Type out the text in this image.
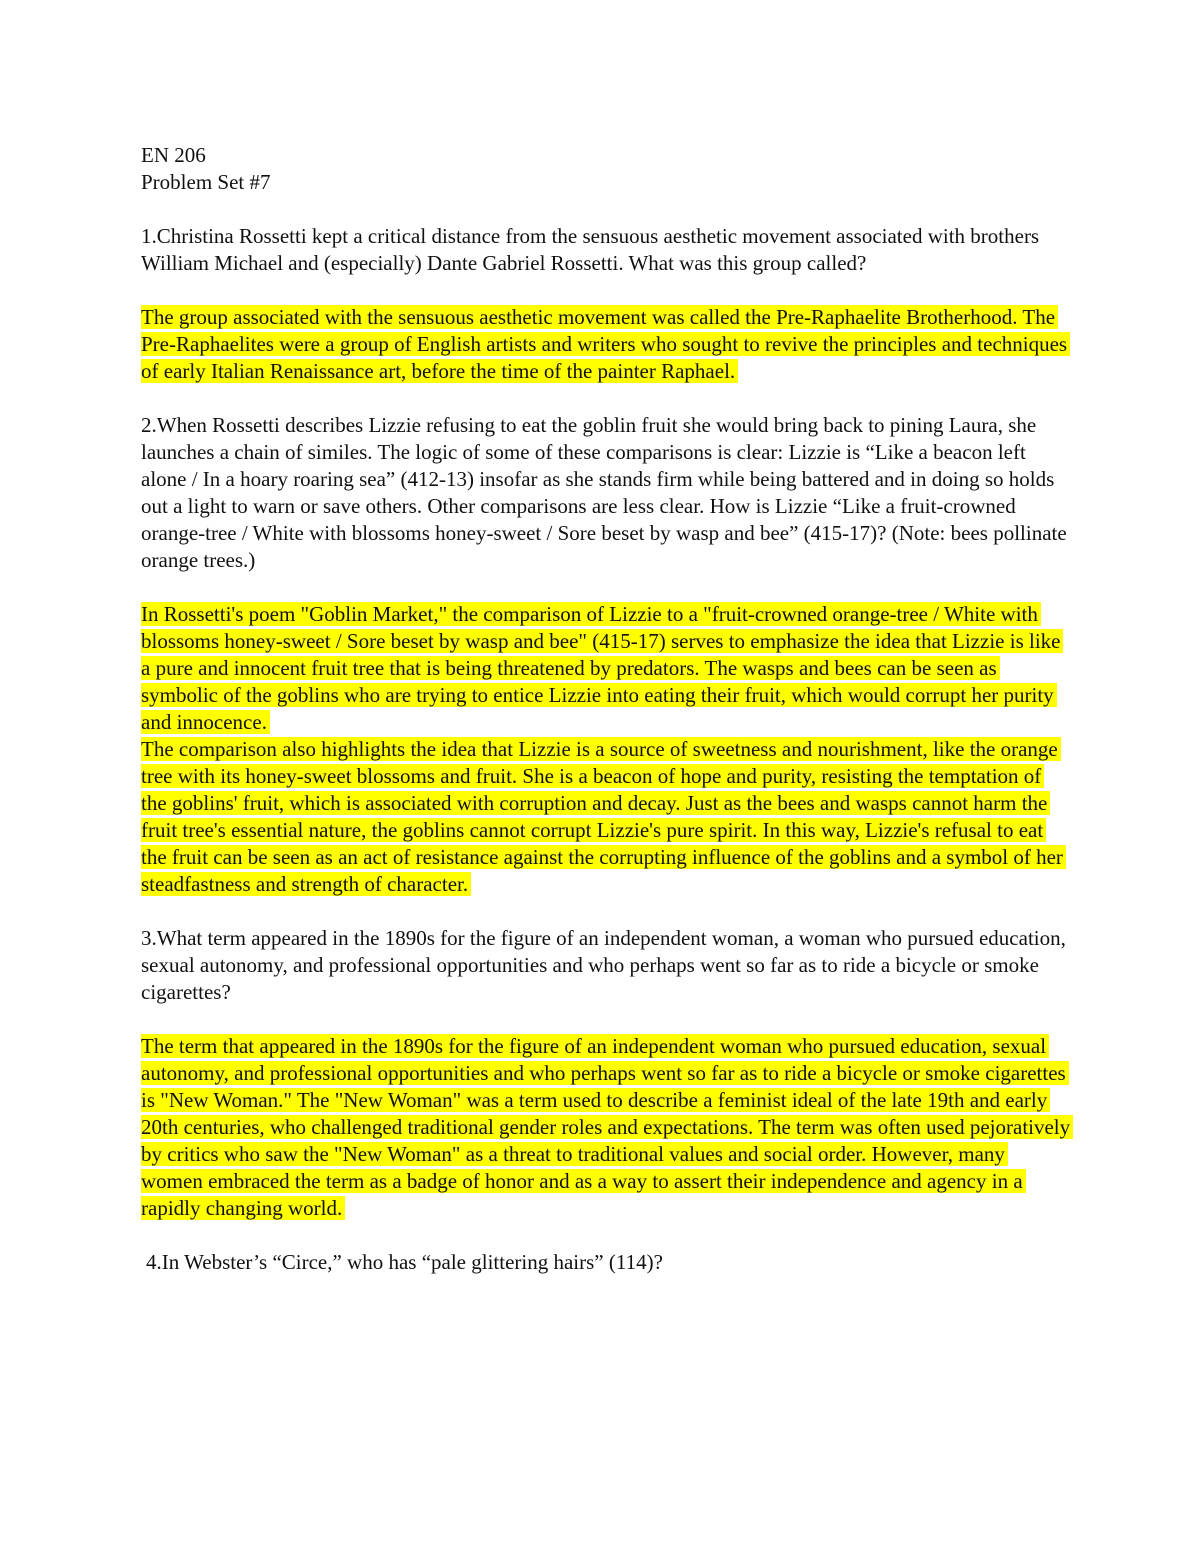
EN 206

Problem Set #7

1.Christina Rossetti kept a critical distance from the sensuous aesthetic movement associated with brothers William Michael and (especially) Dante Gabriel Rossetti. What was this group called?

The group associated with the sensuous aesthetic movement was called the Pre-Raphaelite Brotherhood. The Pre-Raphaelites were a group of English artists and writers who sought to revive the principles and techniques of early Italian Renaissance art, before the time of the painter Raphael.

2.When Rossetti describes Lizzie refusing to eat the goblin fruit she would bring back to pining Laura, she launches a chain of similes. The logic of some of these comparisons is clear: Lizzie is “Like a beacon left alone / In a hoary roaring sea” (412-13) insofar as she stands firm while being battered and in doing so holds out a light to warn or save others. Other comparisons are less clear. How is Lizzie “Like a fruit-crowned orange-tree / White with blossoms honey-sweet / Sore beset by wasp and bee” (415-17)? (Note: bees pollinate orange trees.)

In Rossetti's poem "Goblin Market," the comparison of Lizzie to a "fruit-crowned orange-tree / White with blossoms honey-sweet / Sore beset by wasp and bee" (415-17) serves to emphasize the idea that Lizzie is like a pure and innocent fruit tree that is being threatened by predators. The wasps and bees can be seen as symbolic of the goblins who are trying to entice Lizzie into eating their fruit, which would corrupt her purity and innocence.

The comparison also highlights the idea that Lizzie is a source of sweetness and nourishment, like the orange tree with its honey-sweet blossoms and fruit. She is a beacon of hope and purity, resisting the temptation of the goblins' fruit, which is associated with corruption and decay. Just as the bees and wasps cannot harm the fruit tree's essential nature, the goblins cannot corrupt Lizzie's pure spirit. In this way, Lizzie's refusal to eat the fruit can be seen as an act of resistance against the corrupting influence of the goblins and a symbol of her steadfastness and strength of character.

3.What term appeared in the 1890s for the figure of an independent woman, a woman who pursued education, sexual autonomy, and professional opportunities and who perhaps went so far as to ride a bicycle or smoke cigarettes?

The term that appeared in the 1890s for the figure of an independent woman who pursued education, sexual autonomy, and professional opportunities and who perhaps went so far as to ride a bicycle or smoke cigarettes is "New Woman." The "New Woman" was a term used to describe a feminist ideal of the late 19th and early 20th centuries, who challenged traditional gender roles and expectations. The term was often used pejoratively by critics who saw the "New Woman" as a threat to traditional values and social order. However, many women embraced the term as a badge of honor and as a way to assert their independence and agency in a rapidly changing world.

4.In Webster’s “Circe,” who has “pale glittering hairs” (114)?
